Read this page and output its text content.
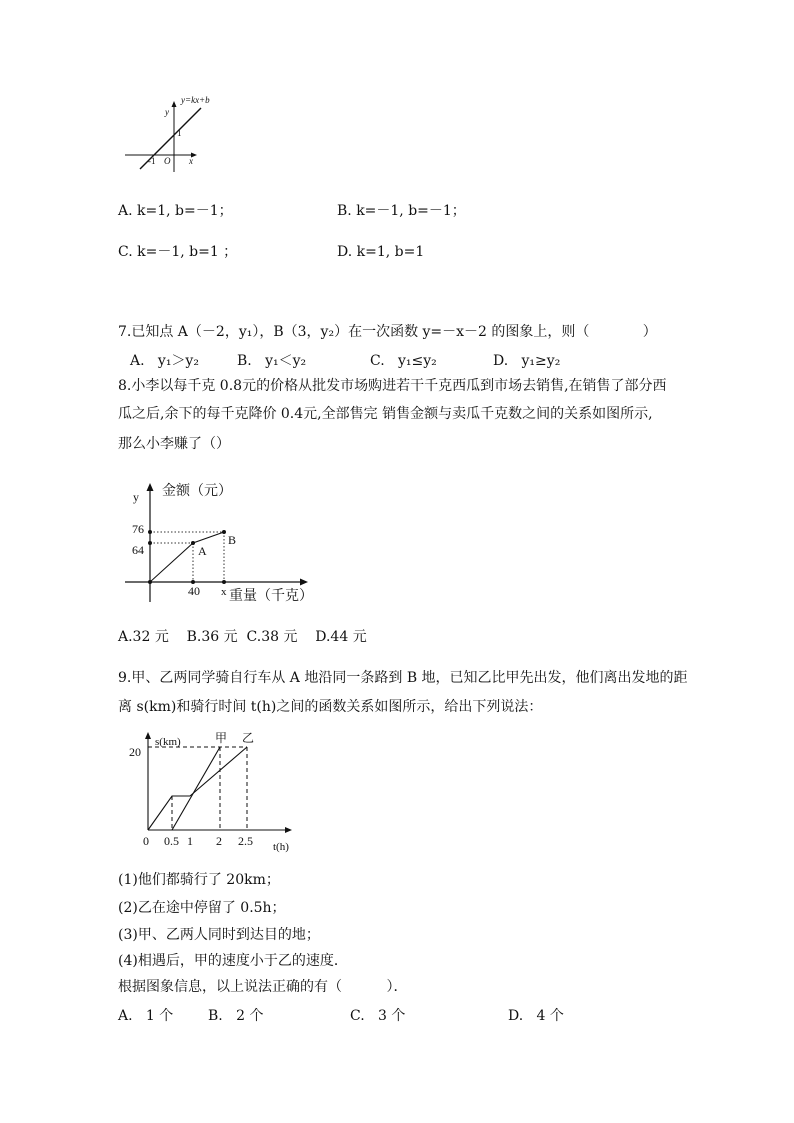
y=kx+b
y
1
-1 O x
A. k=1, b=－1；	B. k=－1, b=－1；
C. k=－1, b=1 ；	D. k=1, b=1
7.已知点 A（－2，y₁），B（3，y₂）在一次函数 y=－x－2 的图象上，则（            ）
A.   y₁＞y₂	B.   y₁＜y₂	C.   y₁≤y₂	D.   y₁≥y₂
8.小李以每千克 0.8元的价格从批发市场购进若干千克西瓜到市场去销售,在销售了部分西
瓜之后,余下的每千克降价 0.4元,全部售完 销售金额与卖瓜千克数之间的关系如图所示,
那么小李赚了（）
y 金额（元）
76
64	A
B
40 x 重量（千克）
A.32 元    B.36 元  C.38 元    D.44 元
9.甲、乙两同学骑自行车从 A 地沿同一条路到 B 地，已知乙比甲先出发，他们离出发地的距
离 s(km)和骑行时间 t(h)之间的函数关系如图所示，给出下列说法：
s(km)	甲 乙
20
0 0.5 1 2 2.5 t(h)
(1)他们都骑行了 20km；
(2)乙在途中停留了 0.5h；
(3)甲、乙两人同时到达目的地；
(4)相遇后，甲的速度小于乙的速度．
根据图象信息，以上说法正确的有（          ）．
A.   1 个 B.   2 个	C.   3 个	D.   4 个
